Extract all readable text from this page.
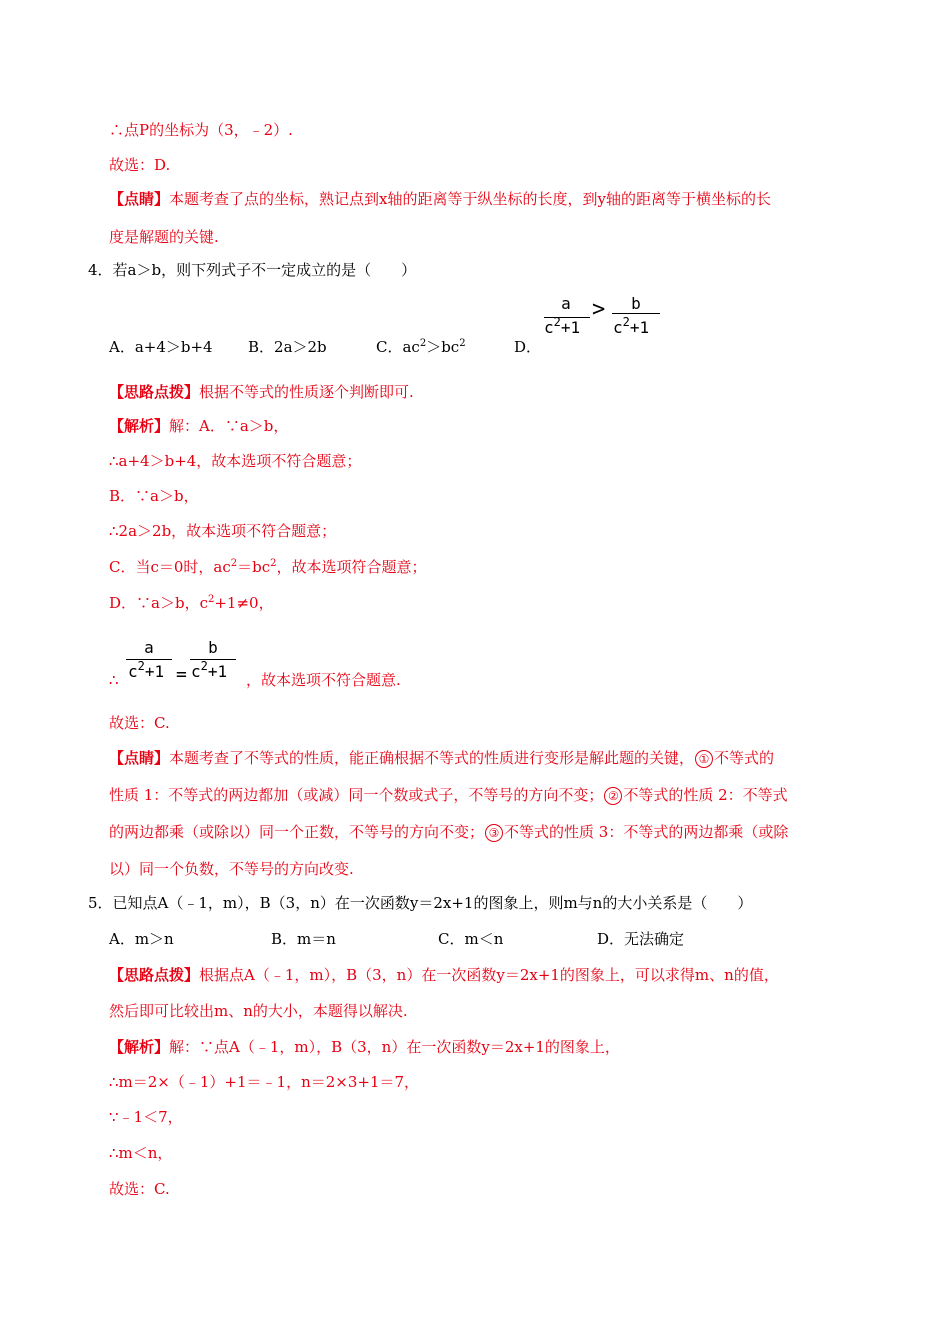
∴点P的坐标为（3，﹣2）.
故选：D.
【点睛】本题考查了点的坐标，熟记点到x轴的距离等于纵坐标的长度，到y轴的距离等于横坐标的长
度是解题的关键.
4．若a＞b，则下列式子不一定成立的是（　　）
A．a+4＞b+4 B．2a＞2b	C．$ac^2>bc^2$	D．
a
$c^2+1$
>	b
$c^2+1$
【思路点拨】根据不等式的性质逐个判断即可.
【解析】解：A．∵a＞b，
∴a+4＞b+4，故本选项不符合题意；
B．∵a＞b，
∴2a＞2b，故本选项不符合题意；
C．当c＝0时，$ac^2=bc^2$，故本选项符合题意；
D．∵a＞b，$c^2+1\ne 0$，
∴
a
$c^2+1$ =
b
$c^2+1$ ，故本选项不符合题意.
故选：C.
【点睛】本题考查了不等式的性质，能正确根据不等式的性质进行变形是解此题的关键， ① 不等式的
性质 1：不等式的两边都加（或减）同一个数或式子，不等号的方向不变； ② 不等式的性质 2：不等式
的两边都乘（或除以）同一个正数，不等号的方向不变； ③ 不等式的性质 3：不等式的两边都乘（或除
以）同一个负数，不等号的方向改变.
5．已知点A（﹣1，m），B（3，n）在一次函数y＝2x+1的图象上，则m与n的大小关系是（　　）
A．m＞n	B．m＝n	C．m＜n	D．无法确定
【思路点拨】根据点A（﹣1，m），B（3，n）在一次函数y＝2x+1的图象上，可以求得m、n的值，
然后即可比较出m、n的大小，本题得以解决.
【解析】解：∵点A（﹣1，m），B（3，n）在一次函数y＝2x+1的图象上，
∴m＝2×（﹣1）+1＝﹣1，n＝2×3+1＝7，
∵﹣1＜7，
∴m＜n，
故选：C.
